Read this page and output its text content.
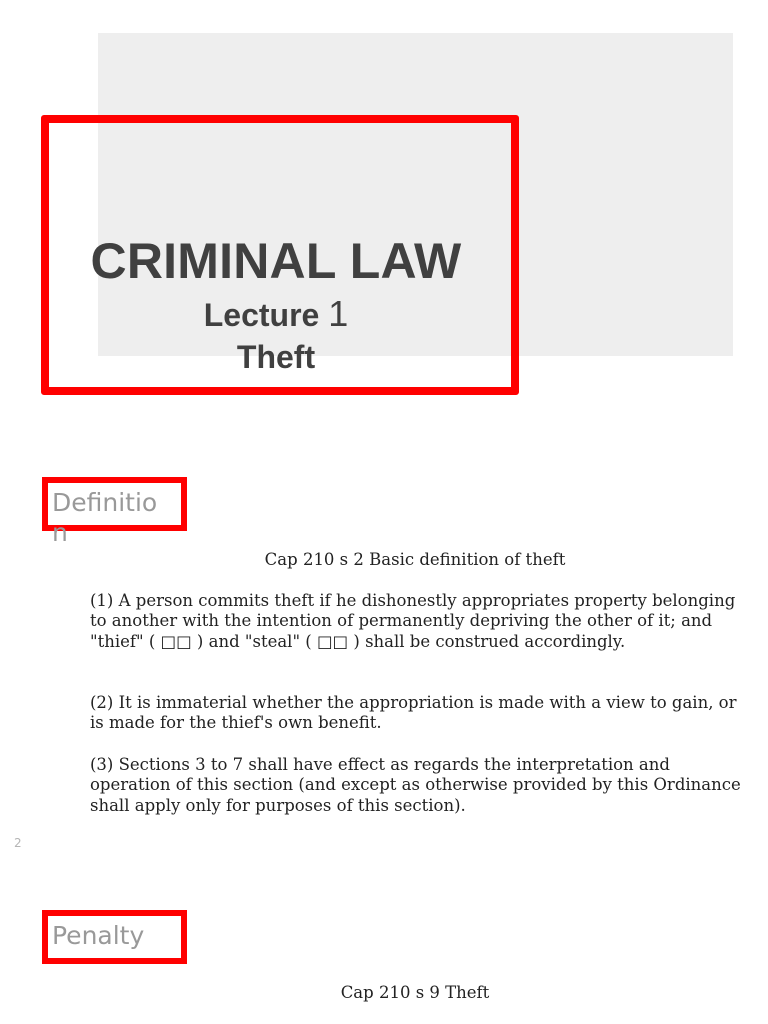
CRIMINAL LAW
Lecture 1
Theft
Definition
Cap 210 s 2 Basic definition of theft

(1) A person commits theft if he dishonestly appropriates property belonging to another with the intention of permanently depriving the other of it; and "thief" ( □□ ) and "steal" ( □□ ) shall be construed accordingly.

(2) It is immaterial whether the appropriation is made with a view to gain, or is made for the thief's own benefit.

(3) Sections 3 to 7 shall have effect as regards the interpretation and operation of this section (and except as otherwise provided by this Ordinance shall apply only for purposes of this section).

2
Penalty
Cap 210 s 9 Theft
